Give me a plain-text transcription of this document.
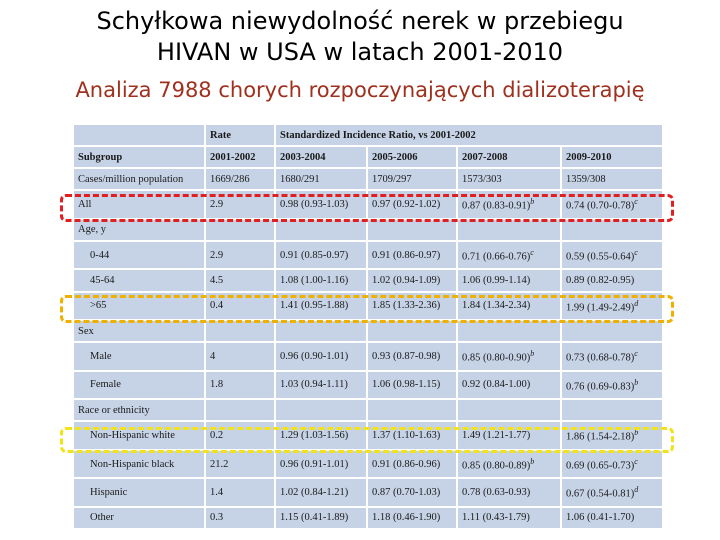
Schyłkowa niewydolność nerek w przebiegu
HIVAN w USA w latach 2001-2010
Analiza 7988 chorych rozpoczynających dializoterapię
	Rate	Standardized Incidence Ratio, vs 2001-2002			
Subgroup	2001-2002	2003-2004	2005-2006	2007-2008	2009-2010
Cases/million population	1669/286	1680/291	1709/297	1573/303	1359/308
All	2.9	0.98 (0.93-1.03)	0.97 (0.92-1.02)	0.87 $(0.83-0.91)^b$	0.74 $(0.70-0.78)^c$
Age, y					
0-44	2.9	0.91 (0.85-0.97)	0.91 (0.86-0.97)	0.71 $(0.66-0.76)^c$	0.59 $(0.55-0.64)^c$
45-64	4.5	1.08 (1.00-1.16)	1.02 (0.94-1.09)	1.06 (0.99-1.14)	0.89 (0.82-0.95)
>65	0.4	1.41 (0.95-1.88)	1.85 (1.33-2.36)	1.84 (1.34-2.34)	1.99 $(1.49-2.49)^d$
Sex					
Male	4	0.96 (0.90-1.01)	0.93 (0.87-0.98)	0.85 $(0.80-0.90)^b$	0.73 $(0.68-0.78)^c$
Female	1.8	1.03 (0.94-1.11)	1.06 (0.98-1.15)	0.92 (0.84-1.00)	0.76 $(0.69-0.83)^b$
Race or ethnicity					
Non-Hispanic white	0.2	1.29 (1.03-1.56)	1.37 (1.10-1.63)	1.49 (1.21-1.77)	1.86 $(1.54-2.18)^b$
Non-Hispanic black	21.2	0.96 (0.91-1.01)	0.91 (0.86-0.96)	0.85 $(0.80-0.89)^b$	0.69 $(0.65-0.73)^c$
Hispanic	1.4	1.02 (0.84-1.21)	0.87 (0.70-1.03)	0.78 (0.63-0.93)	0.67 $(0.54-0.81)^d$
Other	0.3	1.15 (0.41-1.89)	1.18 (0.46-1.90)	1.11 (0.43-1.79)	1.06 (0.41-1.70)
